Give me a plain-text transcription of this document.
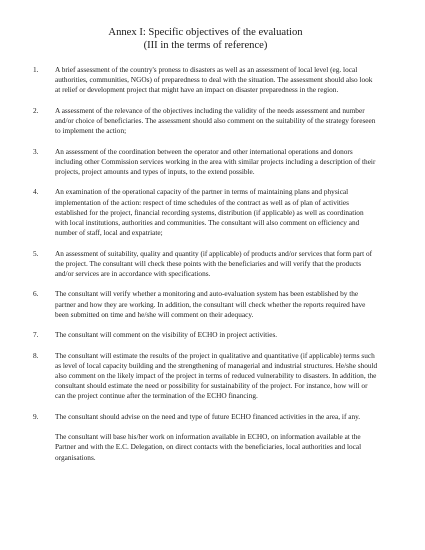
Annex I: Specific objectives of the evaluation
(III in the terms of reference)
1.	A brief assessment of the country's proness to disasters as well as an assessment of local level (eg. local authorities, communities, NGOs) of preparedness to deal with the situation. The assessment should also look at relief or development project that might have an impact on disaster preparedness in the region.
2.	A assessment of the relevance of the objectives including the validity of the needs assessment and number and/or choice of beneficiaries. The assessment should also comment on the suitability of the strategy foreseen to implement the action;
3.	An assessment of the coordination between the operator and other international operations and donors including other Commission services working in the area with similar projects including a description of their projects, project amounts and types of inputs, to the extend possible.
4.	An examination of the operational capacity of the partner in terms of maintaining plans and physical implementation of the action: respect of time schedules of the contract as well as of plan of activities established for the project, financial recording systems, distribution (if applicable) as well as coordination with local institutions, authorities and communities. The consultant will also comment on efficiency and number of staff, local and expatriate;
5.	An assessment of suitability, quality and quantity (if applicable) of products and/or services that form part of the project. The consultant will check these points with the beneficiaries and will verify that the products and/or services are in accordance with specifications.
6.	The consultant will verify whether a monitoring and auto-evaluation system has been established by the partner and how they are working. In addition, the consultant will check whether the reports required have been submitted on time and he/she will comment on their adequacy.
7.	The consultant will comment on the visibility of ECHO in project activities.
8.	The consultant will estimate the results of the project in qualitative and quantitative (if applicable) terms such as level of local capacity building and the strengthening of managerial and industrial structures. He/she should also comment on the likely impact of the project in terms of reduced vulnerability to disasters. In addition, the consultant should estimate the need or possibility for sustainability of the project. For instance, how will or can the project continue after the termination of the ECHO financing.
9.	The consultant should advise on the need and type of future ECHO financed activities in the area, if any.

The consultant will base his/her work on information available in ECHO, on information available at the Partner and with the E.C. Delegation, on direct contacts with the beneficiaries, local authorities and local organisations.
